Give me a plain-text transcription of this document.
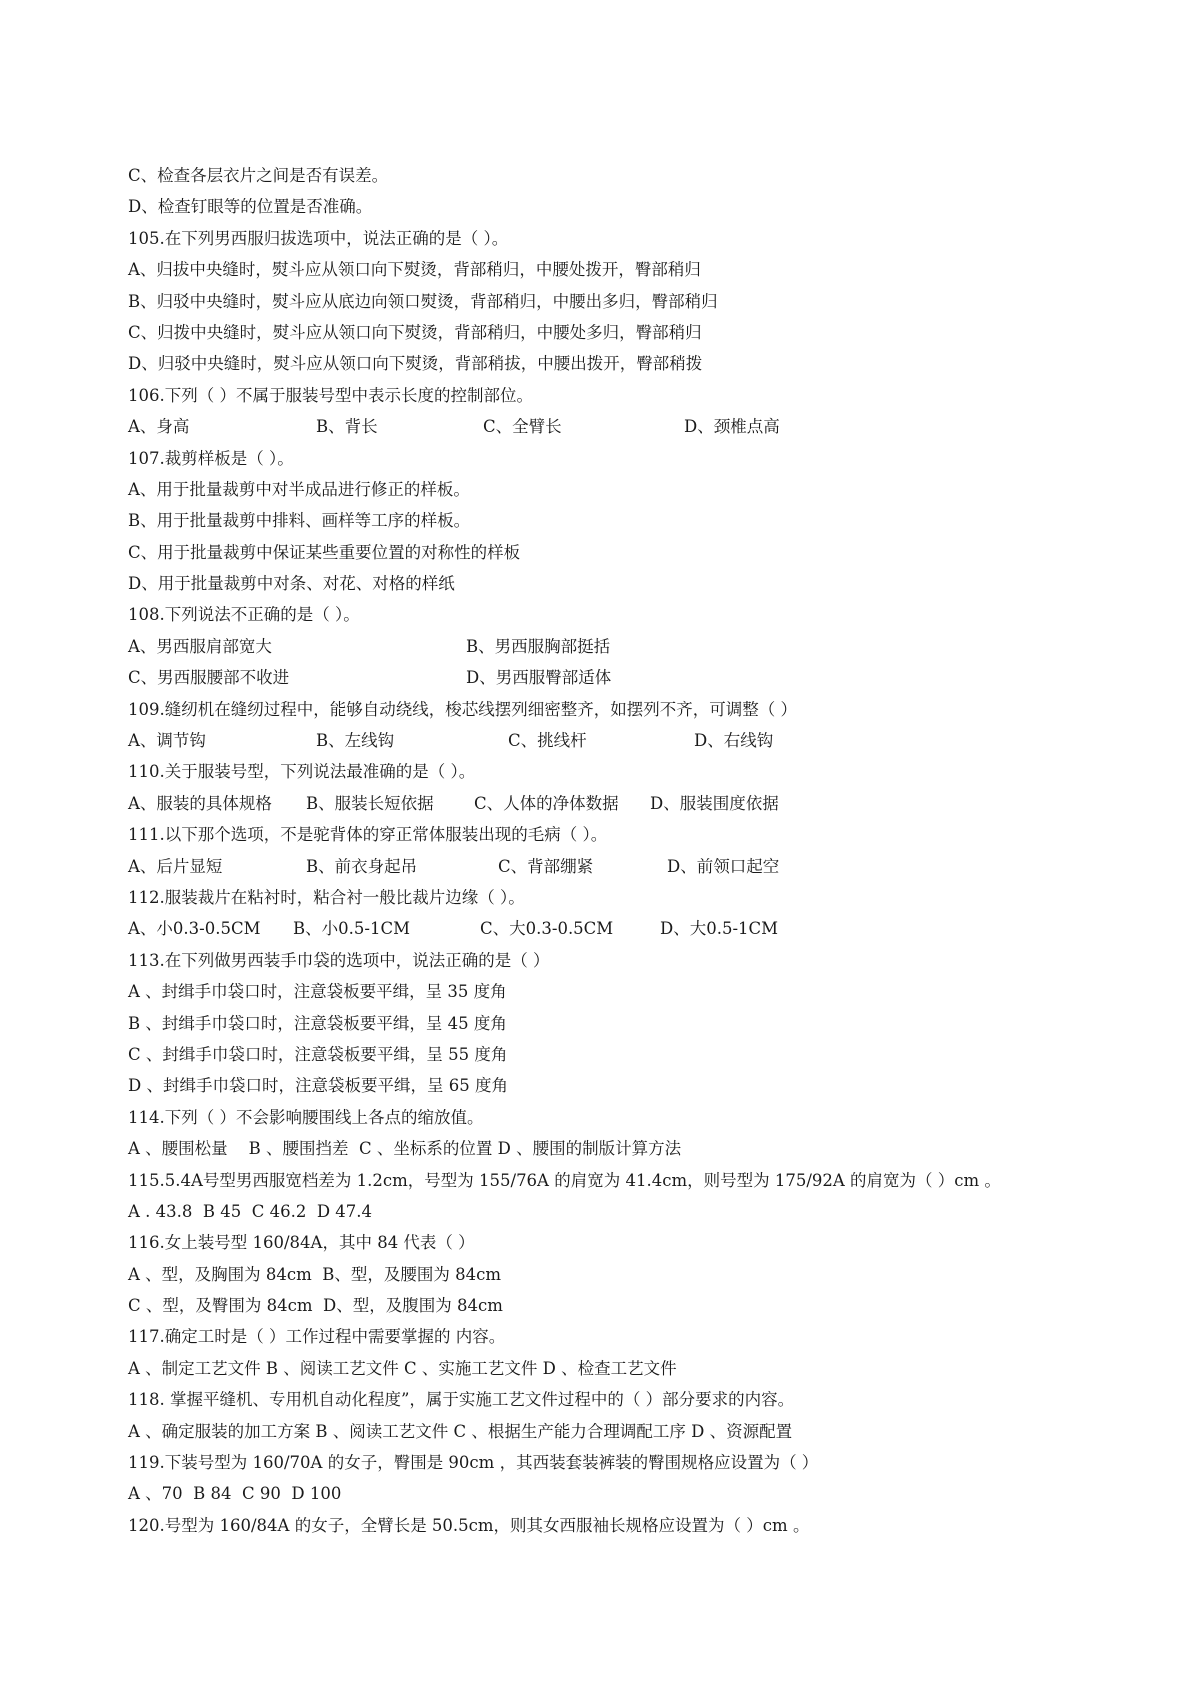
C、检查各层衣片之间是否有误差。
D、检查钉眼等的位置是否准确。
105.在下列男西服归拔选项中，说法正确的是（ ）。
A、归拔中央缝时，熨斗应从领口向下熨烫，背部稍归，中腰处拨开，臀部稍归
B、归驳中央缝时，熨斗应从底边向领口熨烫，背部稍归，中腰出多归，臀部稍归
C、归拨中央缝时，熨斗应从领口向下熨烫，背部稍归，中腰处多归，臀部稍归
D、归驳中央缝时，熨斗应从领口向下熨烫，背部稍拔，中腰出拨开，臀部稍拨
106.下列（ ）不属于服装号型中表示长度的控制部位。
A、身高	B、背长	C、全臂长	D、颈椎点高
107.裁剪样板是（ ）。
A、用于批量裁剪中对半成品进行修正的样板。
B、用于批量裁剪中排料、画样等工序的样板。
C、用于批量裁剪中保证某些重要位置的对称性的样板
D、用于批量裁剪中对条、对花、对格的样纸
108.下列说法不正确的是（ ）。
A、男西服肩部宽大	B、男西服胸部挺括
C、男西服腰部不收进	D、男西服臀部适体
109.缝纫机在缝纫过程中，能够自动绕线，梭芯线摆列细密整齐，如摆列不齐，可调整（ ）
A、调节钩	B、左线钩	C、挑线杆	D、右线钩
110.关于服装号型，下列说法最准确的是（ ）。
A、服装的具体规格 B、服装长短依据 C、人体的净体数据 D、服装围度依据
111.以下那个选项，不是驼背体的穿正常体服装出现的毛病（ ）。
A、后片显短	B、前衣身起吊	C、背部绷紧	D、前领口起空
112.服装裁片在粘衬时，粘合衬一般比裁片边缘（ ）。
A、小0.3-0.5CM B、小0.5-1CM	C、大0.3-0.5CM	D、大0.5-1CM
113.在下列做男西装手巾袋的选项中，说法正确的是（ ）
A 、封缉手巾袋口时，注意袋板要平缉，呈 35 度角
B 、封缉手巾袋口时，注意袋板要平缉，呈 45 度角
C 、封缉手巾袋口时，注意袋板要平缉，呈 55 度角
D 、封缉手巾袋口时，注意袋板要平缉，呈 65 度角
114.下列（ ）不会影响腰围线上各点的缩放值。
A 、腰围松量    B 、腰围挡差  C 、坐标系的位置 D 、腰围的制版计算方法
115.5.4A号型男西服宽档差为 1.2cm，号型为 155/76A 的肩宽为 41.4cm，则号型为 175/92A 的肩宽为（ ）cm 。
A . 43.8  B 45  C 46.2  D 47.4
116.女上装号型 160/84A，其中 84 代表（ ）
A 、型，及胸围为 84cm  B、型，及腰围为 84cm
C 、型，及臀围为 84cm  D、型，及腹围为 84cm
117.确定工时是（ ）工作过程中需要掌握的 内容。
A 、制定工艺文件 B 、阅读工艺文件 C 、实施工艺文件 D 、检查工艺文件
118. 掌握平缝机、专用机自动化程度”，属于实施工艺文件过程中的（ ）部分要求的内容。
A 、确定服装的加工方案 B 、阅读工艺文件 C 、根据生产能力合理调配工序 D 、资源配置
119.下装号型为 160/70A 的女子，臀围是 90cm ，其西装套装裤装的臀围规格应设置为（ ）
A 、70  B 84  C 90  D 100
120.号型为 160/84A 的女子，全臂长是 50.5cm，则其女西服袖长规格应设置为（ ）cm 。
